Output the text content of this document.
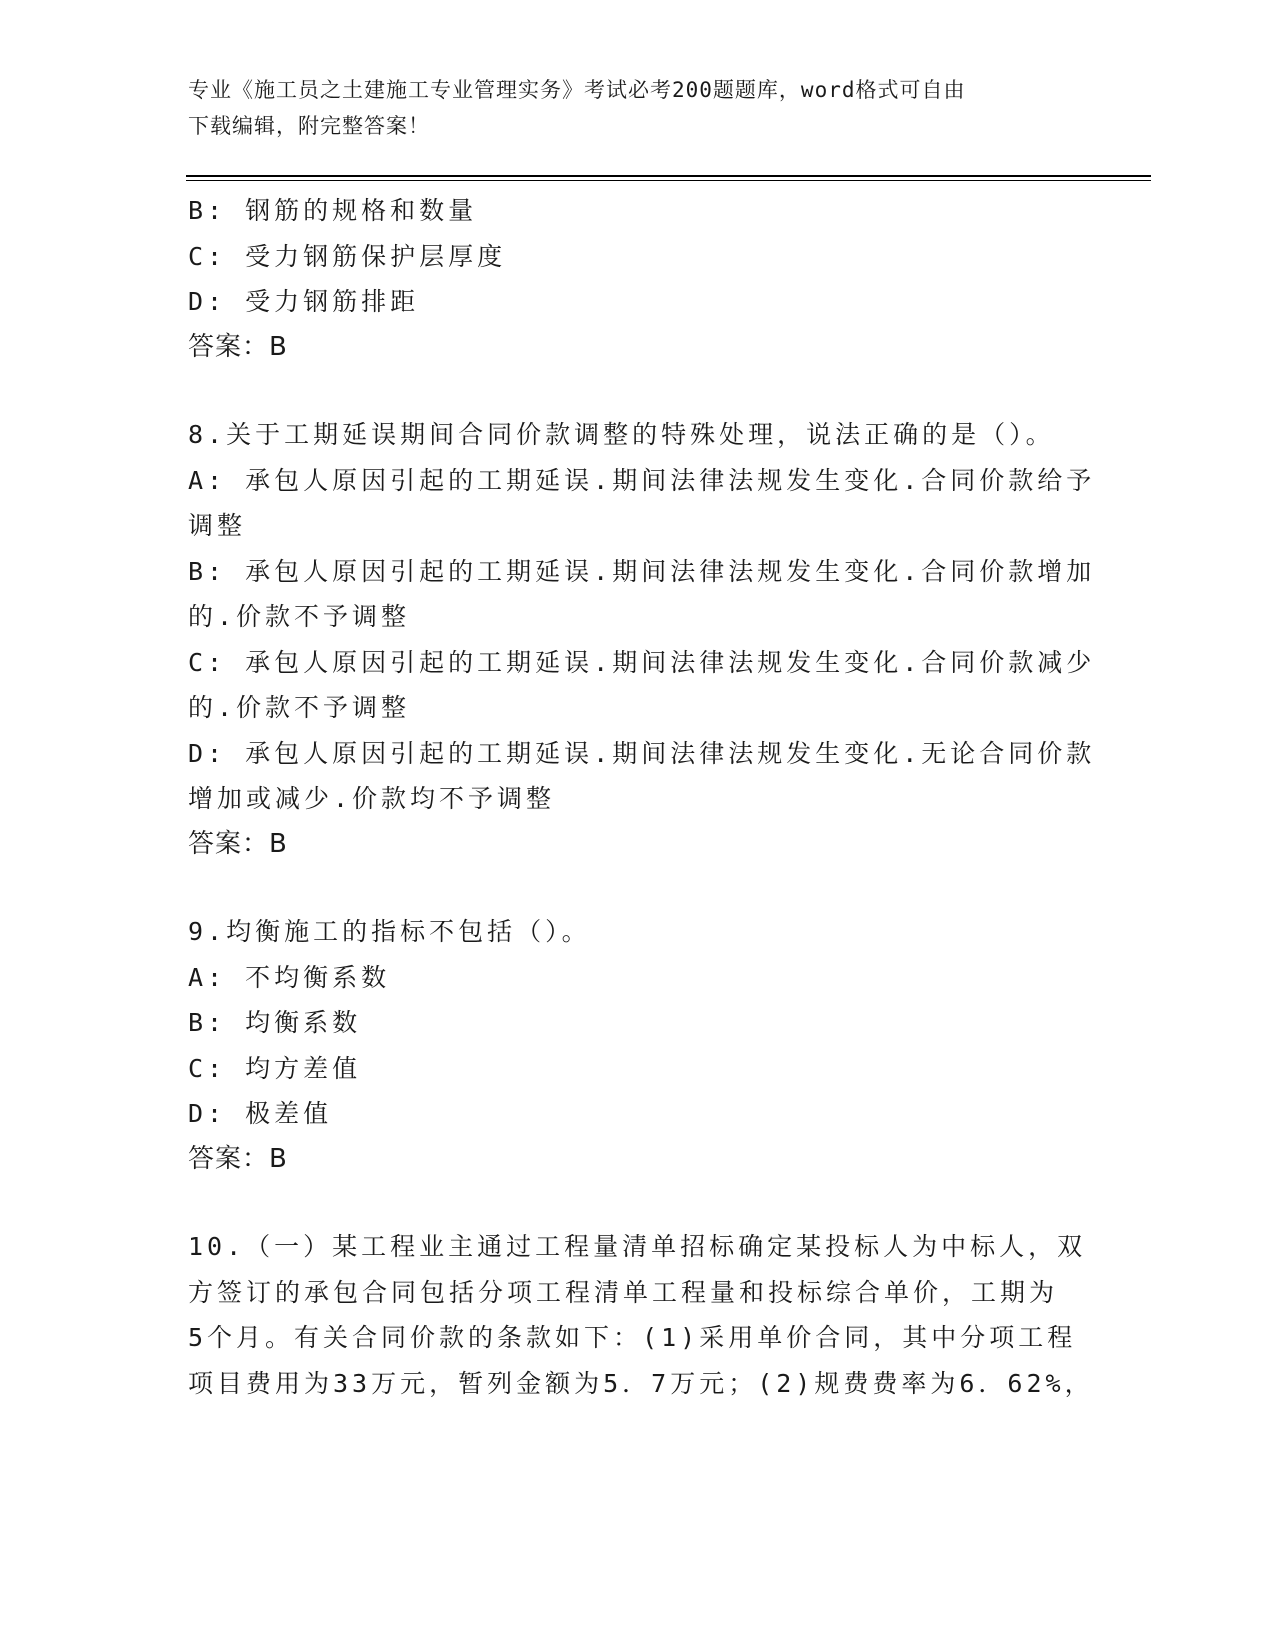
专业《施工员之土建施工专业管理实务》考试必考200题题库，word格式可自由
下载编辑，附完整答案！
B: 钢筋的规格和数量
C: 受力钢筋保护层厚度
D: 受力钢筋排距
答案：B
8.关于工期延误期间合同价款调整的特殊处理，说法正确的是（）。
A: 承包人原因引起的工期延误.期间法律法规发生变化.合同价款给予
调整
B: 承包人原因引起的工期延误.期间法律法规发生变化.合同价款增加
的.价款不予调整
C: 承包人原因引起的工期延误.期间法律法规发生变化.合同价款减少
的.价款不予调整
D: 承包人原因引起的工期延误.期间法律法规发生变化.无论合同价款
增加或减少.价款均不予调整
答案：B
9.均衡施工的指标不包括（）。
A: 不均衡系数
B: 均衡系数
C: 均方差值
D: 极差值
答案：B
10.（一）某工程业主通过工程量清单招标确定某投标人为中标人，双
方签订的承包合同包括分项工程清单工程量和投标综合单价，工期为
5个月。有关合同价款的条款如下：(1)采用单价合同，其中分项工程
项目费用为33万元，暂列金额为5．7万元；(2)规费费率为6．62%，
